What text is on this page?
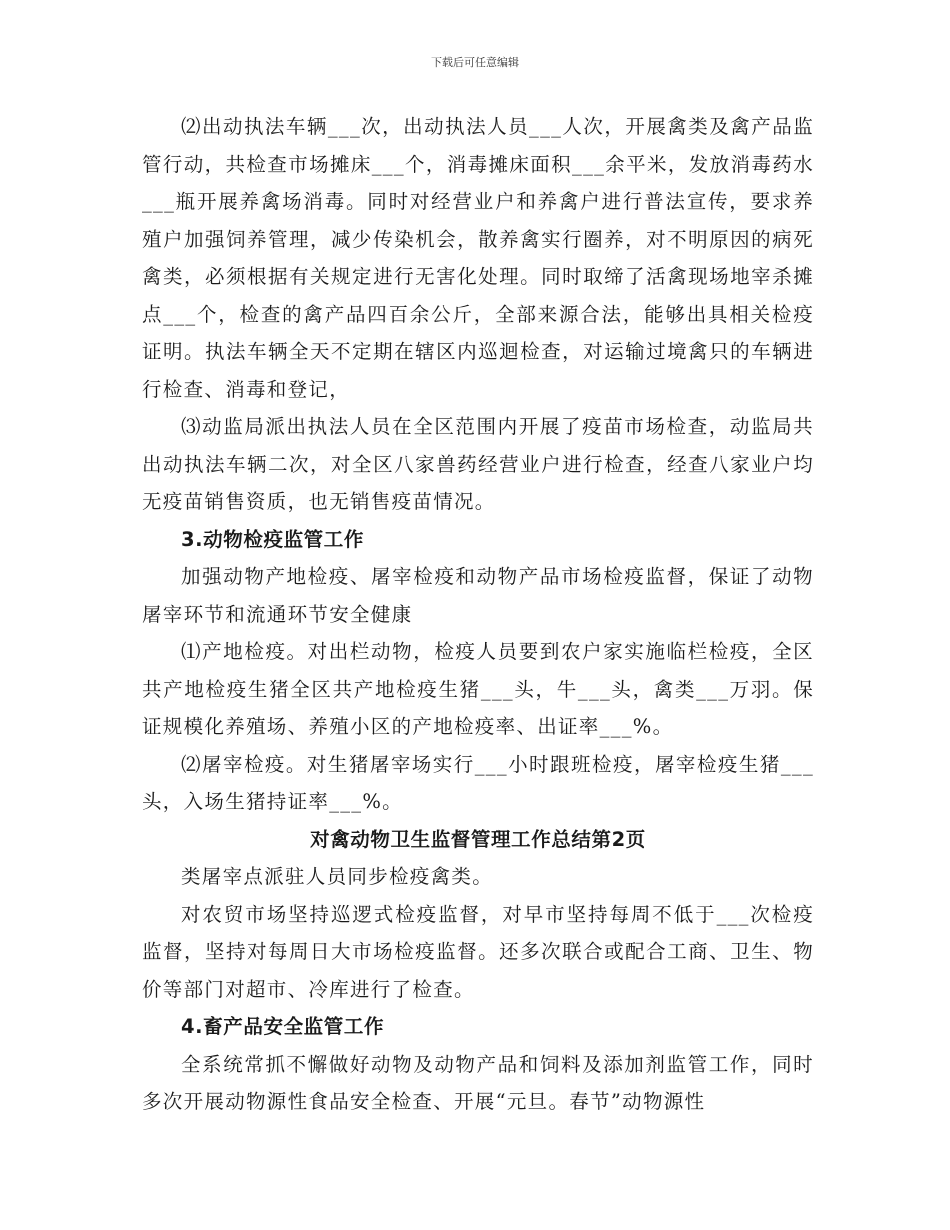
下载后可任意编辑

⑵出动执法车辆___次，出动执法人员___人次，开展禽类及禽产品监管行动，共检查市场摊床___个，消毒摊床面积___余平米，发放消毒药水___瓶开展养禽场消毒。同时对经营业户和养禽户进行普法宣传，要求养殖户加强饲养管理，减少传染机会，散养禽实行圈养，对不明原因的病死禽类，必须根据有关规定进行无害化处理。同时取缔了活禽现场地宰杀摊点___个，检查的禽产品四百余公斤，全部来源合法，能够出具相关检疫证明。执法车辆全天不定期在辖区内巡迴检查，对运输过境禽只的车辆进行检查、消毒和登记，

⑶动监局派出执法人员在全区范围内开展了疫苗市场检查，动监局共出动执法车辆二次，对全区八家兽药经营业户进行检查，经查八家业户均无疫苗销售资质，也无销售疫苗情况。

3.动物检疫监管工作

加强动物产地检疫、屠宰检疫和动物产品市场检疫监督，保证了动物屠宰环节和流通环节安全健康

⑴产地检疫。对出栏动物，检疫人员要到农户家实施临栏检疫，全区共产地检疫生猪全区共产地检疫生猪___头，牛___头，禽类___万羽。保证规模化养殖场、养殖小区的产地检疫率、出证率___%。

⑵屠宰检疫。对生猪屠宰场实行___小时跟班检疫，屠宰检疫生猪___头，入场生猪持证率___%。

对禽动物卫生监督管理工作总结第2页

类屠宰点派驻人员同步检疫禽类。

对农贸市场坚持巡逻式检疫监督，对早市坚持每周不低于___次检疫监督，坚持对每周日大市场检疫监督。还多次联合或配合工商、卫生、物价等部门对超市、冷库进行了检查。

4.畜产品安全监管工作

全系统常抓不懈做好动物及动物产品和饲料及添加剂监管工作，同时多次开展动物源性食品安全检查、开展“元旦。春节”动物源性
